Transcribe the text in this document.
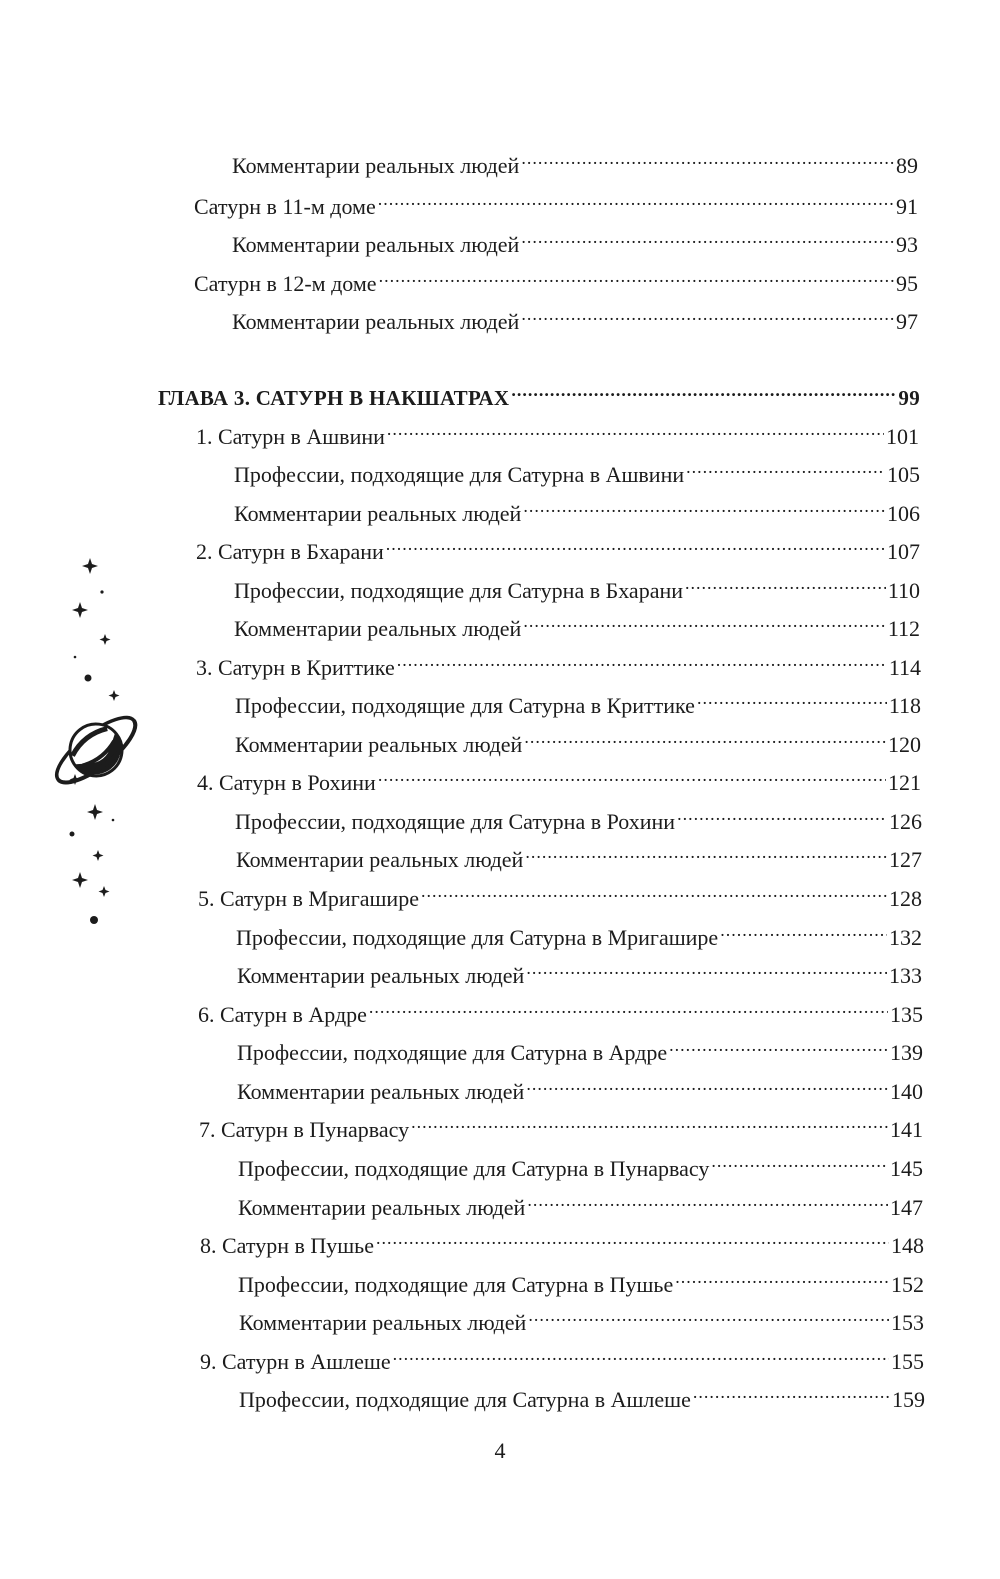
Комментарии реальных людей .....	89
Сатурн в 11-м доме .....	91
Комментарии реальных людей .....	93
Сатурн в 12-м доме .....	95
Комментарии реальных людей .....	97
ГЛАВА 3. САТУРН В НАКШАТРАХ .....	99
1. Сатурн в Ашвини .....	101
Профессии, подходящие для Сатурна в Ашвини .....	105
Комментарии реальных людей .....	106
2. Сатурн в Бхарани .....	107
Профессии, подходящие для Сатурна в Бхарани .....	110
Комментарии реальных людей .....	112
3. Сатурн в Криттике .....	114
Профессии, подходящие для Сатурна в Криттике .....	118
Комментарии реальных людей .....	120
4. Сатурн в Рохини .....	121
Профессии, подходящие для Сатурна в Рохини .....	126
Комментарии реальных людей .....	127
5. Сатурн в Мригашире .....	128
Профессии, подходящие для Сатурна в Мригашире .....	132
Комментарии реальных людей .....	133
6. Сатурн в Ардре .....	135
Профессии, подходящие для Сатурна в Ардре .....	139
Комментарии реальных людей .....	140
7. Сатурн в Пунарвасу .....	141
Профессии, подходящие для Сатурна в Пунарвасу .....	145
Комментарии реальных людей .....	147
8. Сатурн в Пушье .....	148
Профессии, подходящие для Сатурна в Пушье .....	152
Комментарии реальных людей .....	153
9. Сатурн в Ашлеше .....	155
Профессии, подходящие для Сатурна в Ашлеше .....	159
4
